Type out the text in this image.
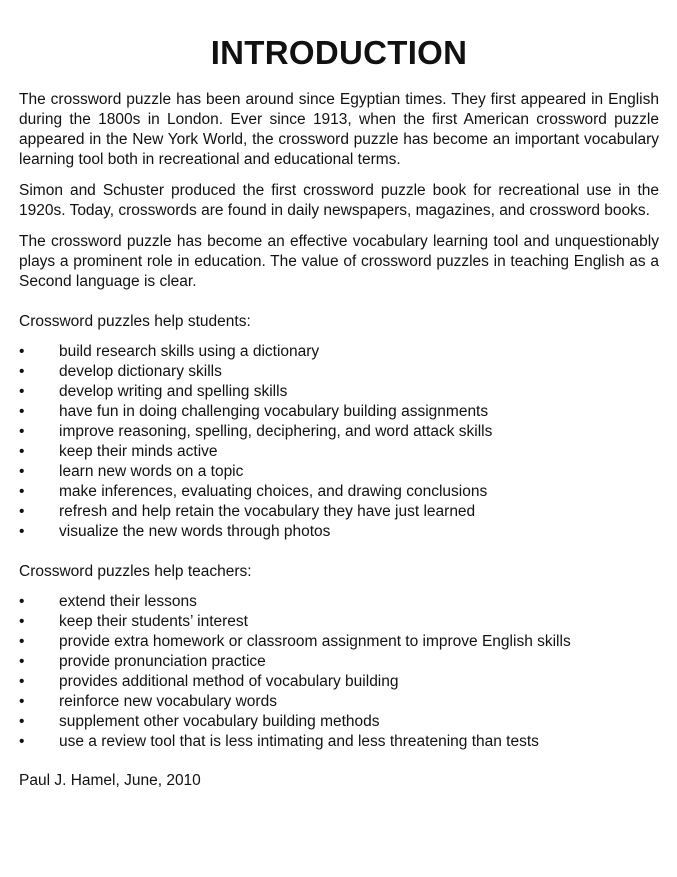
INTRODUCTION

The crossword puzzle has been around since Egyptian times. They first appeared in English during the 1800s in London. Ever since 1913, when the first American crossword puzzle appeared in the New York World, the crossword puzzle has become an important vocabulary learning tool both in recreational and educational terms.

Simon and Schuster produced the first crossword puzzle book for recreational use in the 1920s. Today, crosswords are found in daily newspapers, magazines, and crossword books.

The crossword puzzle has become an effective vocabulary learning tool and unquestionably plays a prominent role in education. The value of crossword puzzles in teaching English as a Second language is clear.

Crossword puzzles help students:
•	build research skills using a dictionary
•	develop dictionary skills
•	develop writing and spelling skills
•	have fun in doing challenging vocabulary building assignments
•	improve reasoning, spelling, deciphering, and word attack skills
•	keep their minds active
•	learn new words on a topic
•	make inferences, evaluating choices, and drawing conclusions
•	refresh and help retain the vocabulary they have just learned
•	visualize the new words through photos
Crossword puzzles help teachers:
•	extend their lessons
•	keep their students’ interest
•	provide extra homework or classroom assignment to improve English skills
•	provide pronunciation practice
•	provides additional method of vocabulary building
•	reinforce new vocabulary words
•	supplement other vocabulary building methods
•	use a review tool that is less intimating and less threatening than tests
Paul J. Hamel, June, 2010
